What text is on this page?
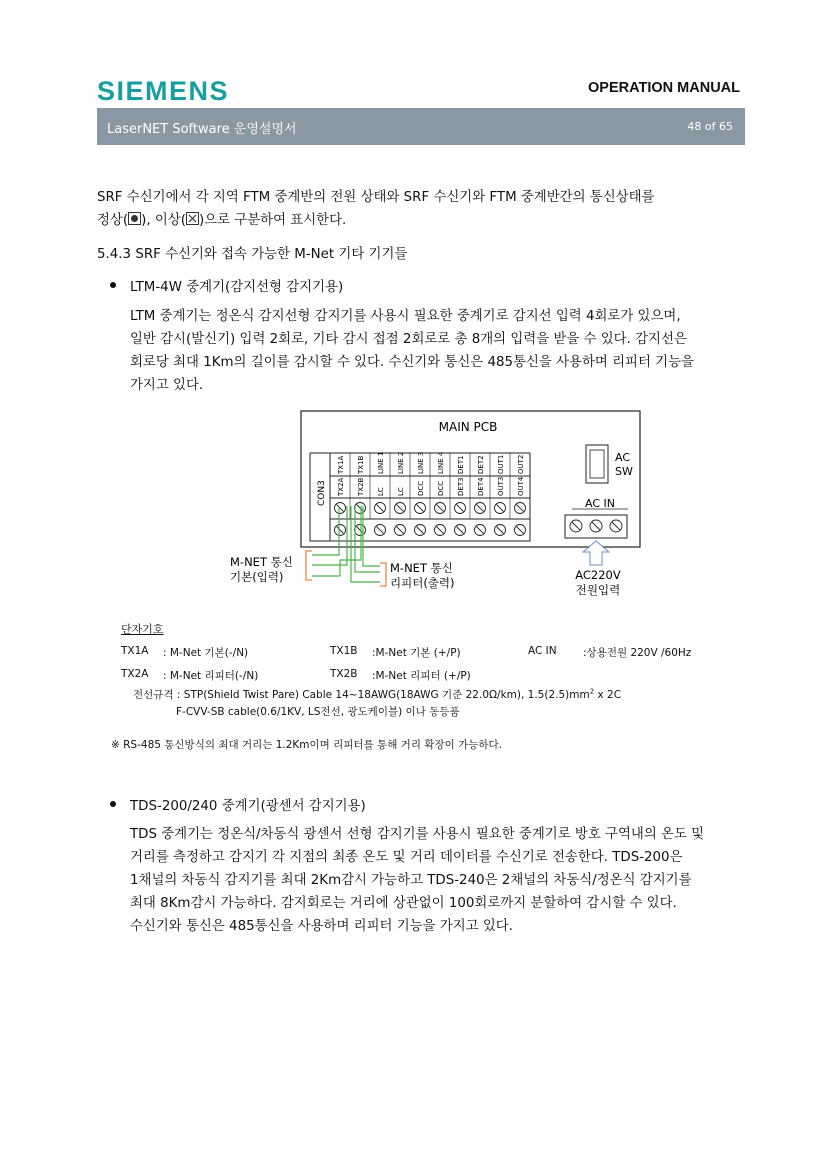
SIEMENS	OPERATION MANUAL
LaserNET Software 운영설명서	48 of 65
SRF 수신기에서 각 지역 FTM 중계반의 전원 상태와 SRF 수신기와 FTM 중계반간의 통신상태를
정상( ), 이상( )으로 구분하여 표시한다.
5.4.3 SRF 수신기와 접속 가능한 M-Net 기타 기기들
LTM-4W 중계기(감지선형 감지기용)
LTM 중계기는 정온식 감지선형 감지기를 사용시 필요한 중계기로 감지선 입력 4회로가 있으며,
일반 감시(발신기) 입력 2회로, 기타 감시 접점 2회로로 총 8개의 입력을 받을 수 있다. 감지선은
회로당 최대 1Km의 길이를 감시할 수 있다. 수신기와 통신은 485통신을 사용하며 리피터 기능을
가지고 있다.
MAIN PCB
CON3
TX1A
TX2A
TX1B
TX2B
LINE 1
LC
LINE 2
LC
LINE 3
DCC
LINE 4
DCC
DET1
DET3
DET2
DET4
OUT1
OUT3
OUT2
OUT4
AC
SW
AC IN
AC220V
전원입력
M-NET 통신
기본(입력)
M-NET 통신
리피터(출력)
단자기호
TX1A : M-Net 기본(-/N)	TX1B :M-Net 기본 (+/P)	AC IN	:상용전원 220V /60Hz
TX2A : M-Net 리피터(-/N)	TX2B :M-Net 리피터 (+/P)
전선규격 : STP(Shield Twist Pare) Cable 14~18AWG(18AWG 기준 22.0Ω/km), $1.5(2.5)mm^2$ x 2C
F-CVV-SB cable(0.6/1KV, LS전선, 광도케이블) 이나 동등품
※ RS-485 통신방식의 최대 거리는 1.2Km이며 리피터를 통해 거리 확장이 가능하다.
TDS-200/240 중계기(광센서 감지기용)
TDS 중계기는 정온식/차동식 광센서 선형 감지기를 사용시 필요한 중계기로 방호 구역내의 온도 및
거리를 측정하고 감지기 각 지점의 최종 온도 및 거리 데이터를 수신기로 전송한다. TDS-200은
1채널의 차동식 감지기를 최대 2Km감시 가능하고 TDS-240은 2채널의 차동식/정온식 감지기를
최대 8Km감시 가능하다. 감지회로는 거리에 상관없이 100회로까지 분할하여 감시할 수 있다.
수신기와 통신은 485통신을 사용하며 리피터 기능을 가지고 있다.
